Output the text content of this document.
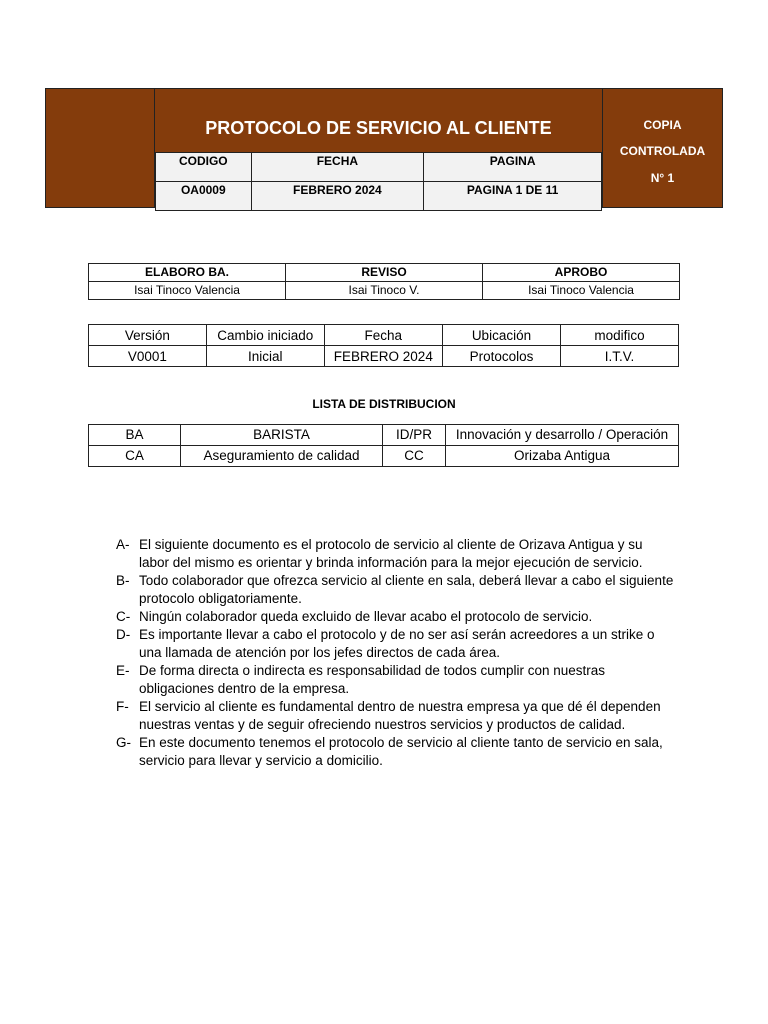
PROTOCOLO DE SERVICIO AL CLIENTE
CODIGO	FECHA	PAGINA
OA0009	FEBRERO 2024	PAGINA 1 DE 11
COPIA
CONTROLADA
N° 1
ELABORO BA.	REVISO	APROBO
Isai Tinoco Valencia	Isai Tinoco V.	Isai Tinoco Valencia
Versión	Cambio iniciado	Fecha	Ubicación	modifico
V0001	Inicial	FEBRERO 2024	Protocolos	I.T.V.
LISTA DE DISTRIBUCION
BA	BARISTA	ID/PR	Innovación y desarrollo / Operación
CA	Aseguramiento de calidad	CC	Orizaba Antigua
A- El siguiente documento es el protocolo de servicio al cliente de Orizava Antigua y su labor del mismo es orientar y brinda información para la mejor ejecución de servicio.
B- Todo colaborador que ofrezca servicio al cliente en sala, deberá llevar a cabo el siguiente protocolo obligatoriamente.
C- Ningún colaborador queda excluido de llevar acabo el protocolo de servicio.
D- Es importante llevar a cabo el protocolo y de no ser así serán acreedores a un strike o una llamada de atención por los jefes directos de cada área.
E- De forma directa o indirecta es responsabilidad de todos cumplir con nuestras obligaciones dentro de la empresa.
F- El servicio al cliente es fundamental dentro de nuestra empresa ya que dé él dependen nuestras ventas y de seguir ofreciendo nuestros servicios y productos de calidad.
G- En este documento tenemos el protocolo de servicio al cliente tanto de servicio en sala, servicio para llevar y servicio a domicilio.
